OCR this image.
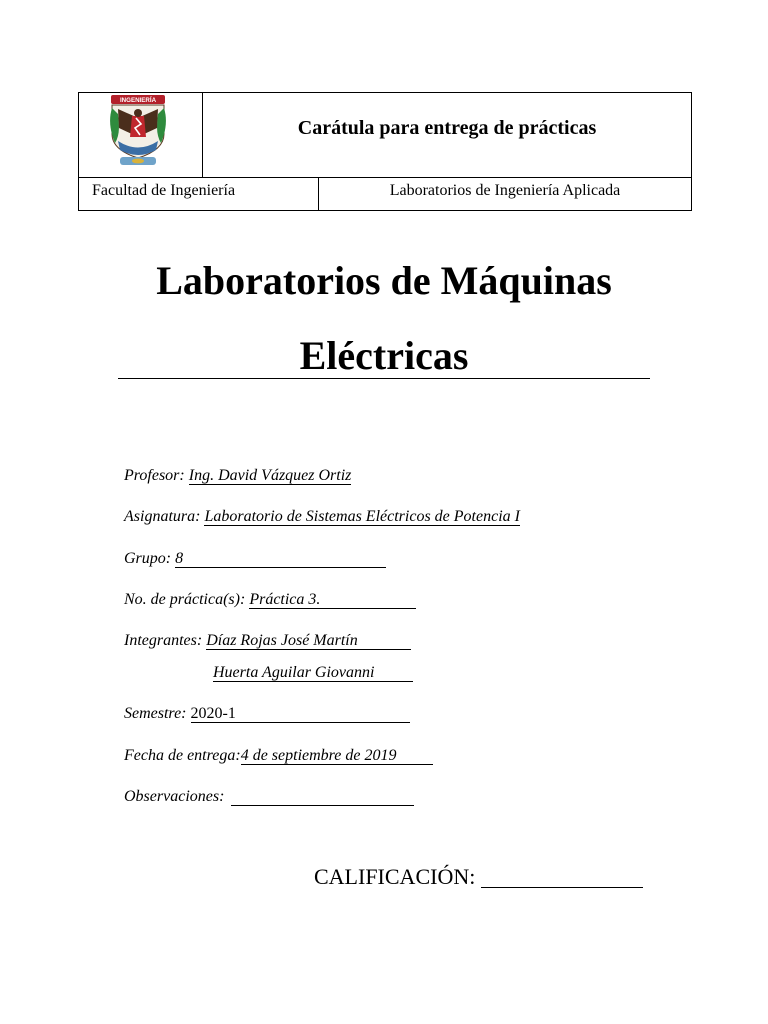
INGENIERÍA
Carátula para entrega de prácticas
Facultad de Ingeniería	Laboratorios de Ingeniería Aplicada
Laboratorios de Máquinas
Eléctricas
Profesor: Ing. David Vázquez Ortiz
Asignatura: Laboratorio de Sistemas Eléctricos de Potencia I
Grupo: 8
No. de práctica(s): Práctica 3.
Integrantes: Díaz Rojas José Martín
Huerta Aguilar Giovanni
Semestre: 2020-1
Fecha de entrega: 4 de septiembre de 2019
Observaciones:
CALIFICACIÓN:
